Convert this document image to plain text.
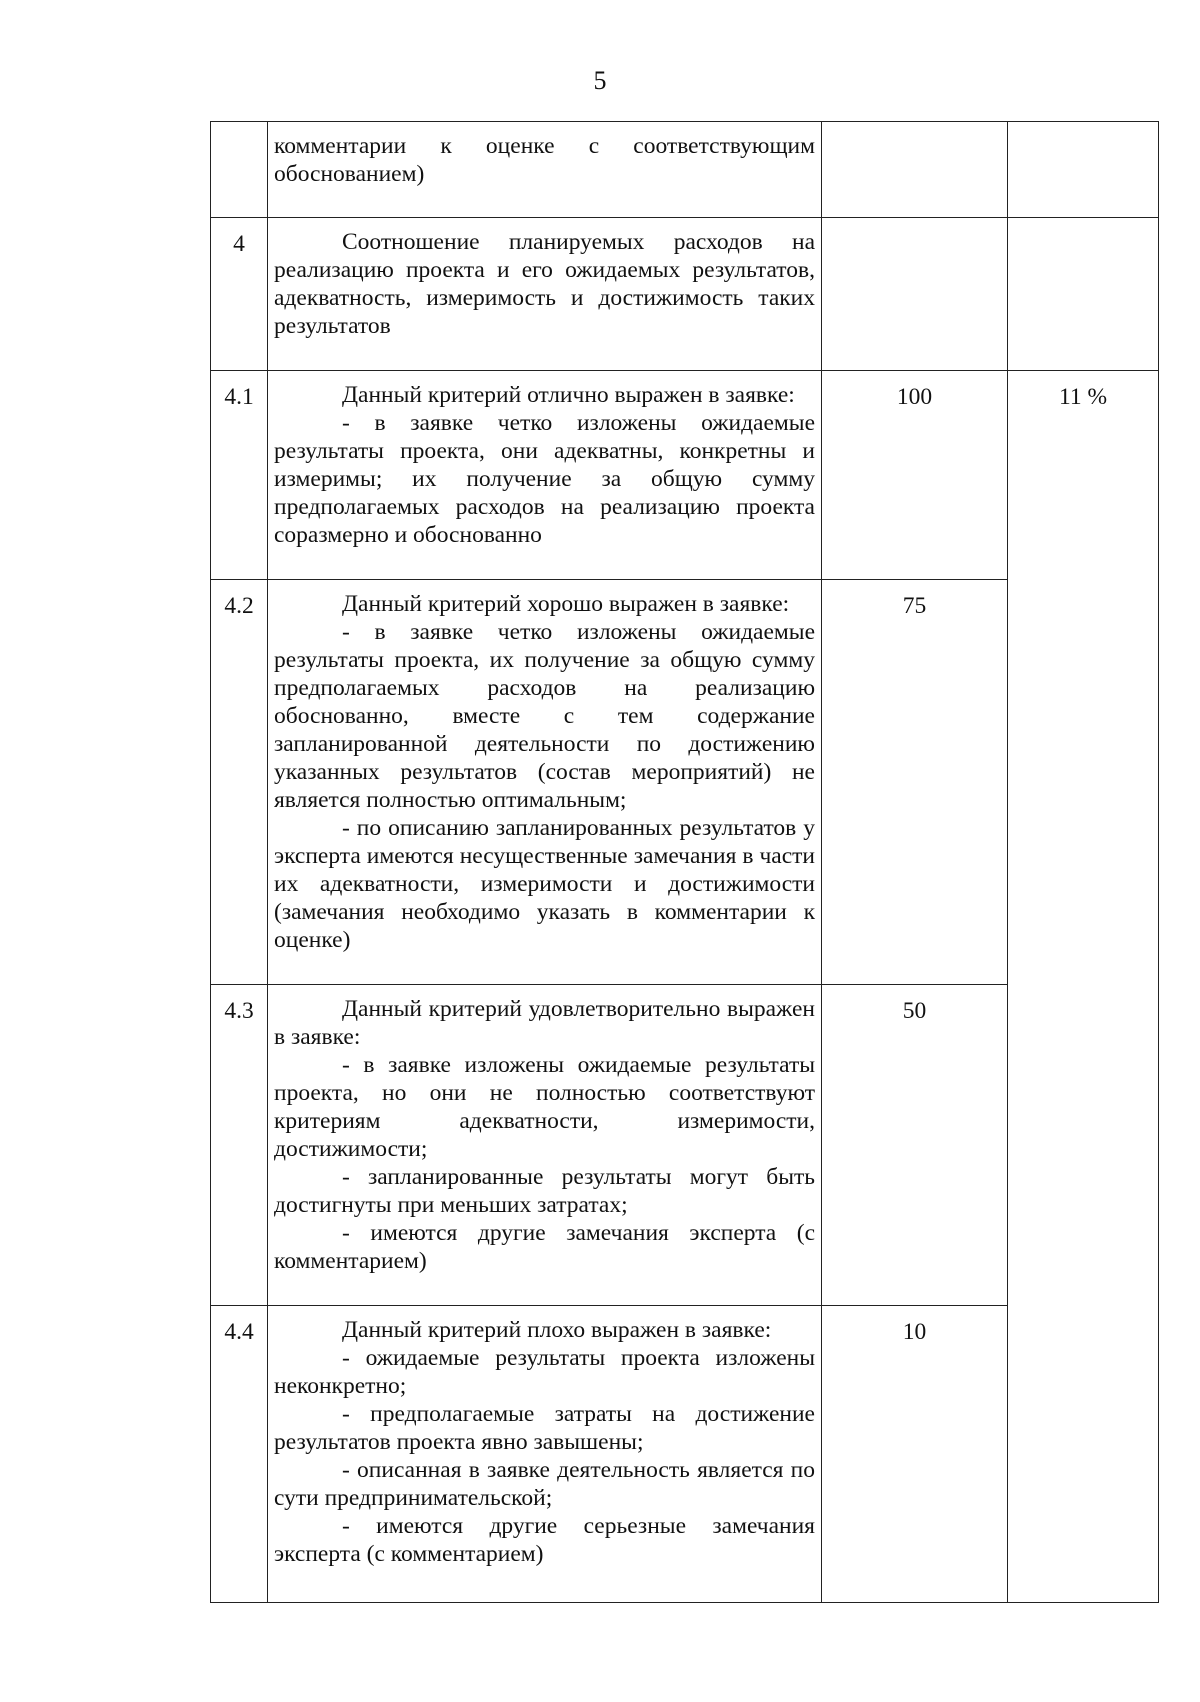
5

	комментарии к оценке с соответствующим обоснованием)		

4	Соотношение планируемых расходов на реализацию проекта и его ожидаемых результатов, адекватность, измеримость и достижимость таких результатов		

4.1	Данный критерий отлично выражен в заявке:

- в заявке четко изложены ожидаемые результаты проекта, они адекватны, конкретны и измеримы; их получение за общую сумму предполагаемых расходов на реализацию проекта соразмерно и обоснованно	100	11 %
4.2	Данный критерий хорошо выражен в заявке:

- в заявке четко изложены ожидаемые результаты проекта, их получение за общую сумму предполагаемых расходов на реализацию обоснованно, вместе с тем содержание запланированной деятельности по достижению указанных результатов (состав мероприятий) не является полностью оптимальным;

- по описанию запланированных результатов у эксперта имеются несущественные замечания в части их адекватности, измеримости и достижимости (замечания необходимо указать в комментарии к оценке)	75	
4.3	Данный критерий удовлетворительно выражен в заявке:

- в заявке изложены ожидаемые результаты проекта, но они не полностью соответствуют критериям адекватности, измеримости, достижимости;

- запланированные результаты могут быть достигнуты при меньших затратах;

- имеются другие замечания эксперта (с комментарием)	50	
4.4	Данный критерий плохо выражен в заявке:

- ожидаемые результаты проекта изложены неконкретно;

- предполагаемые затраты на достижение результатов проекта явно завышены;

- описанная в заявке деятельность является по сути предпринимательской;

- имеются другие серьезные замечания эксперта (с комментарием)	10	
